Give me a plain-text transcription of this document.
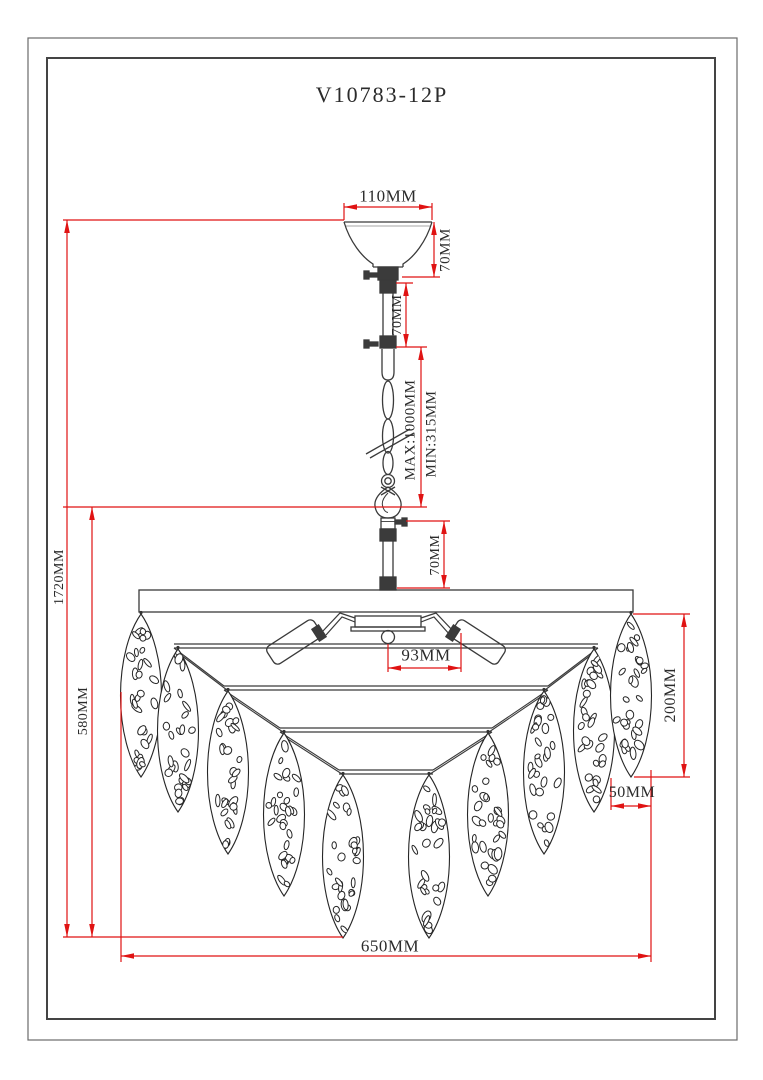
V10783-12P
110MM
70MM
70MM
MAX:1000MM MIN:315MM
70MM
93MM
200MM
50MM
650MM
580MM
1720MM
